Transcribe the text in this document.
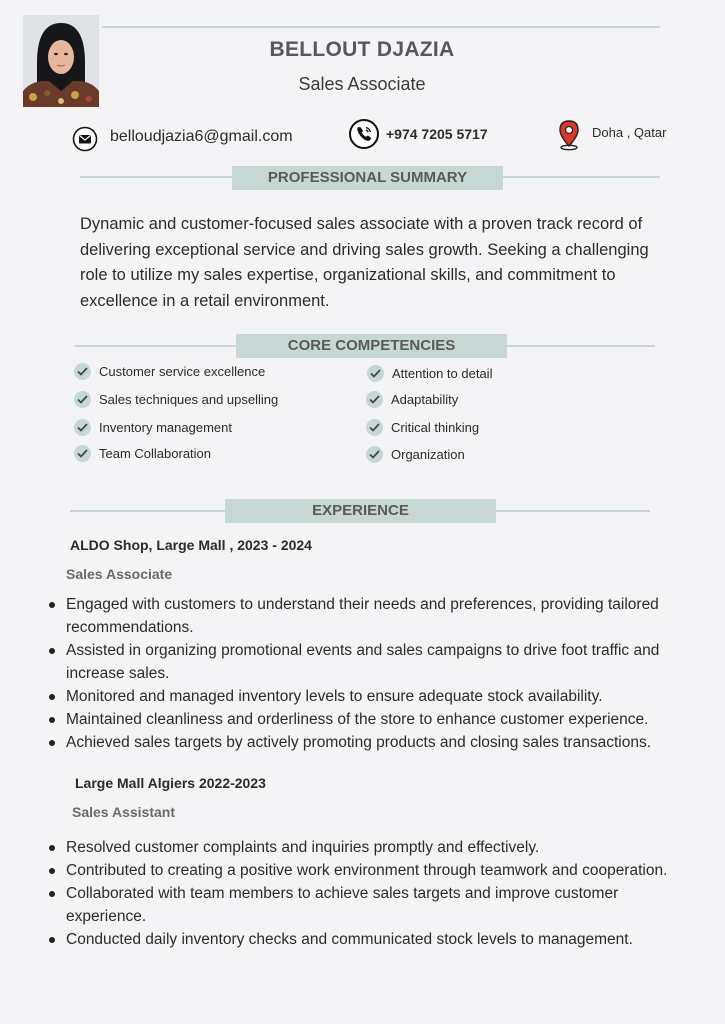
BELLOUT DJAZIA
Sales Associate
belloudjazia6@gmail.com	+974 7205 5717	Doha , Qatar
PROFESSIONAL SUMMARY
Dynamic and customer-focused sales associate with a proven track record of delivering exceptional service and driving sales growth. Seeking a challenging role to utilize my sales expertise, organizational skills, and commitment to excellence in a retail environment.
CORE COMPETENCIES
Customer service excellence
Sales techniques and upselling
Inventory management
Team Collaboration
Attention to detail
Adaptability
Critical thinking
Organization
EXPERIENCE
ALDO Shop, Large Mall , 2023 - 2024
Sales Associate
Engaged with customers to understand their needs and preferences, providing tailored recommendations.
Assisted in organizing promotional events and sales campaigns to drive foot traffic and increase sales.
Monitored and managed inventory levels to ensure adequate stock availability.
Maintained cleanliness and orderliness of the store to enhance customer experience.
Achieved sales targets by actively promoting products and closing sales transactions.
Large Mall Algiers 2022-2023
Sales Assistant
Resolved customer complaints and inquiries promptly and effectively.
Contributed to creating a positive work environment through teamwork and cooperation.
Collaborated with team members to achieve sales targets and improve customer experience.
Conducted daily inventory checks and communicated stock levels to management.
